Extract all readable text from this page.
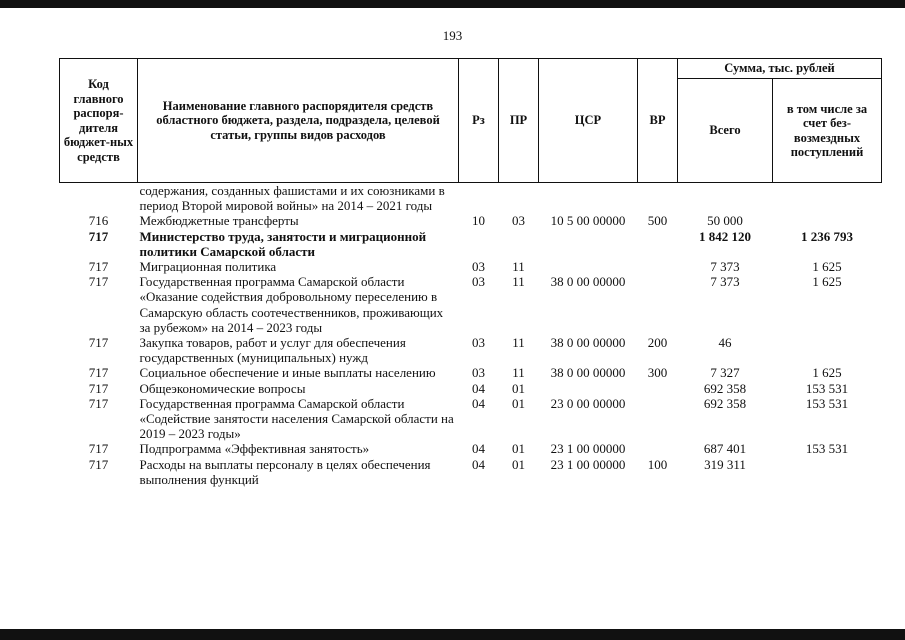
193
Код главного распоря-дителя бюджет-ных средств	Наименование главного распорядителя средств областного бюджета, раздела, подраздела, целевой статьи, группы видов расходов	Рз	ПР	ЦСР	ВР	Сумма, тыс. рублей	
						Всего	в том числе за счет без-возмездных поступлений
	содержания, созданных фашистами и их союзниками в период Второй мировой войны» на 2014 – 2021 годы						
716	Межбюджетные трансферты	10	03	10 5 00 00000	500	50 000	
717	Министерство труда, занятости и миграционной политики Самарской области					1 842 120	1 236 793
717	Миграционная политика	03	11			7 373	1 625
717	Государственная программа Самарской области «Оказание содействия добровольному переселению в Самарскую область соотечественников, проживающих за рубежом» на 2014 – 2023 годы	03	11	38 0 00 00000		7 373	1 625
717	Закупка товаров, работ и услуг для обеспечения государственных (муниципальных) нужд	03	11	38 0 00 00000	200	46	
717	Социальное обеспечение и иные выплаты населению	03	11	38 0 00 00000	300	7 327	1 625
717	Общеэкономические вопросы	04	01			692 358	153 531
717	Государственная программа Самарской области «Содействие занятости населения Самарской области на 2019 – 2023 годы»	04	01	23 0 00 00000		692 358	153 531
717	Подпрограмма «Эффективная занятость»	04	01	23 1 00 00000		687 401	153 531
717	Расходы на выплаты персоналу в целях обеспечения выполнения функций	04	01	23 1 00 00000	100	319 311	
